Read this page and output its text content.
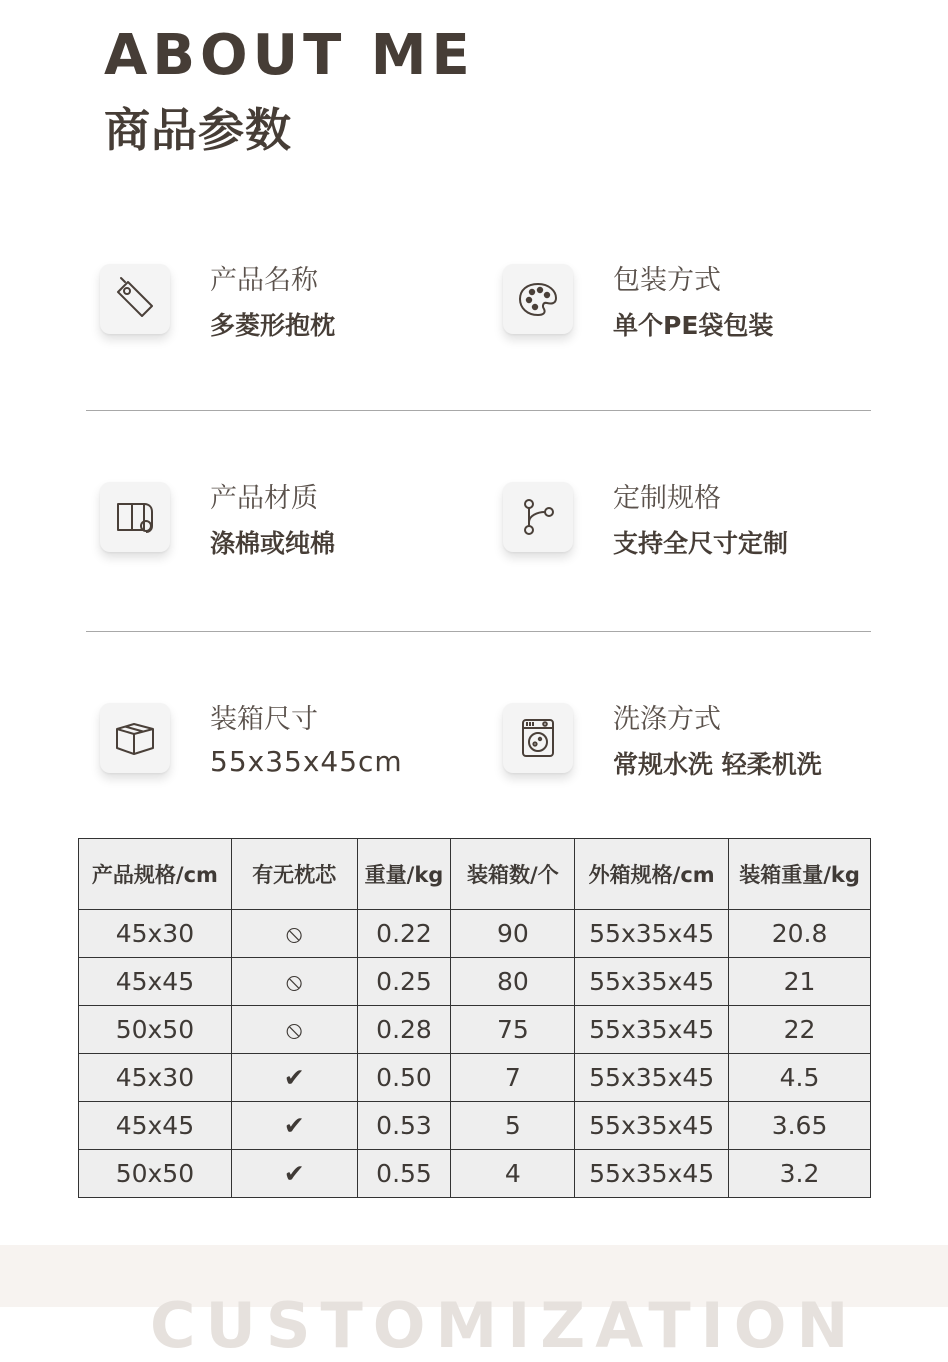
ABOUT ME
商品参数
产品名称
多菱形抱枕
包装方式
单个PE袋包装
产品材质
涤棉或纯棉
定制规格
支持全尺寸定制
装箱尺寸
55x35x45cm
洗涤方式
常规水洗 轻柔机洗
产品规格/cm	有无枕芯	重量/kg	装箱数/个	外箱规格/cm	装箱重量/kg
45x30	⦸	0.22	90	55x35x45	20.8
45x45	⦸	0.25	80	55x35x45	21
50x50	⦸	0.28	75	55x35x45	22
45x30	✔	0.50	7	55x35x45	4.5
45x45	✔	0.53	5	55x35x45	3.65
50x50	✔	0.55	4	55x35x45	3.2
CUSTOMIZATION
